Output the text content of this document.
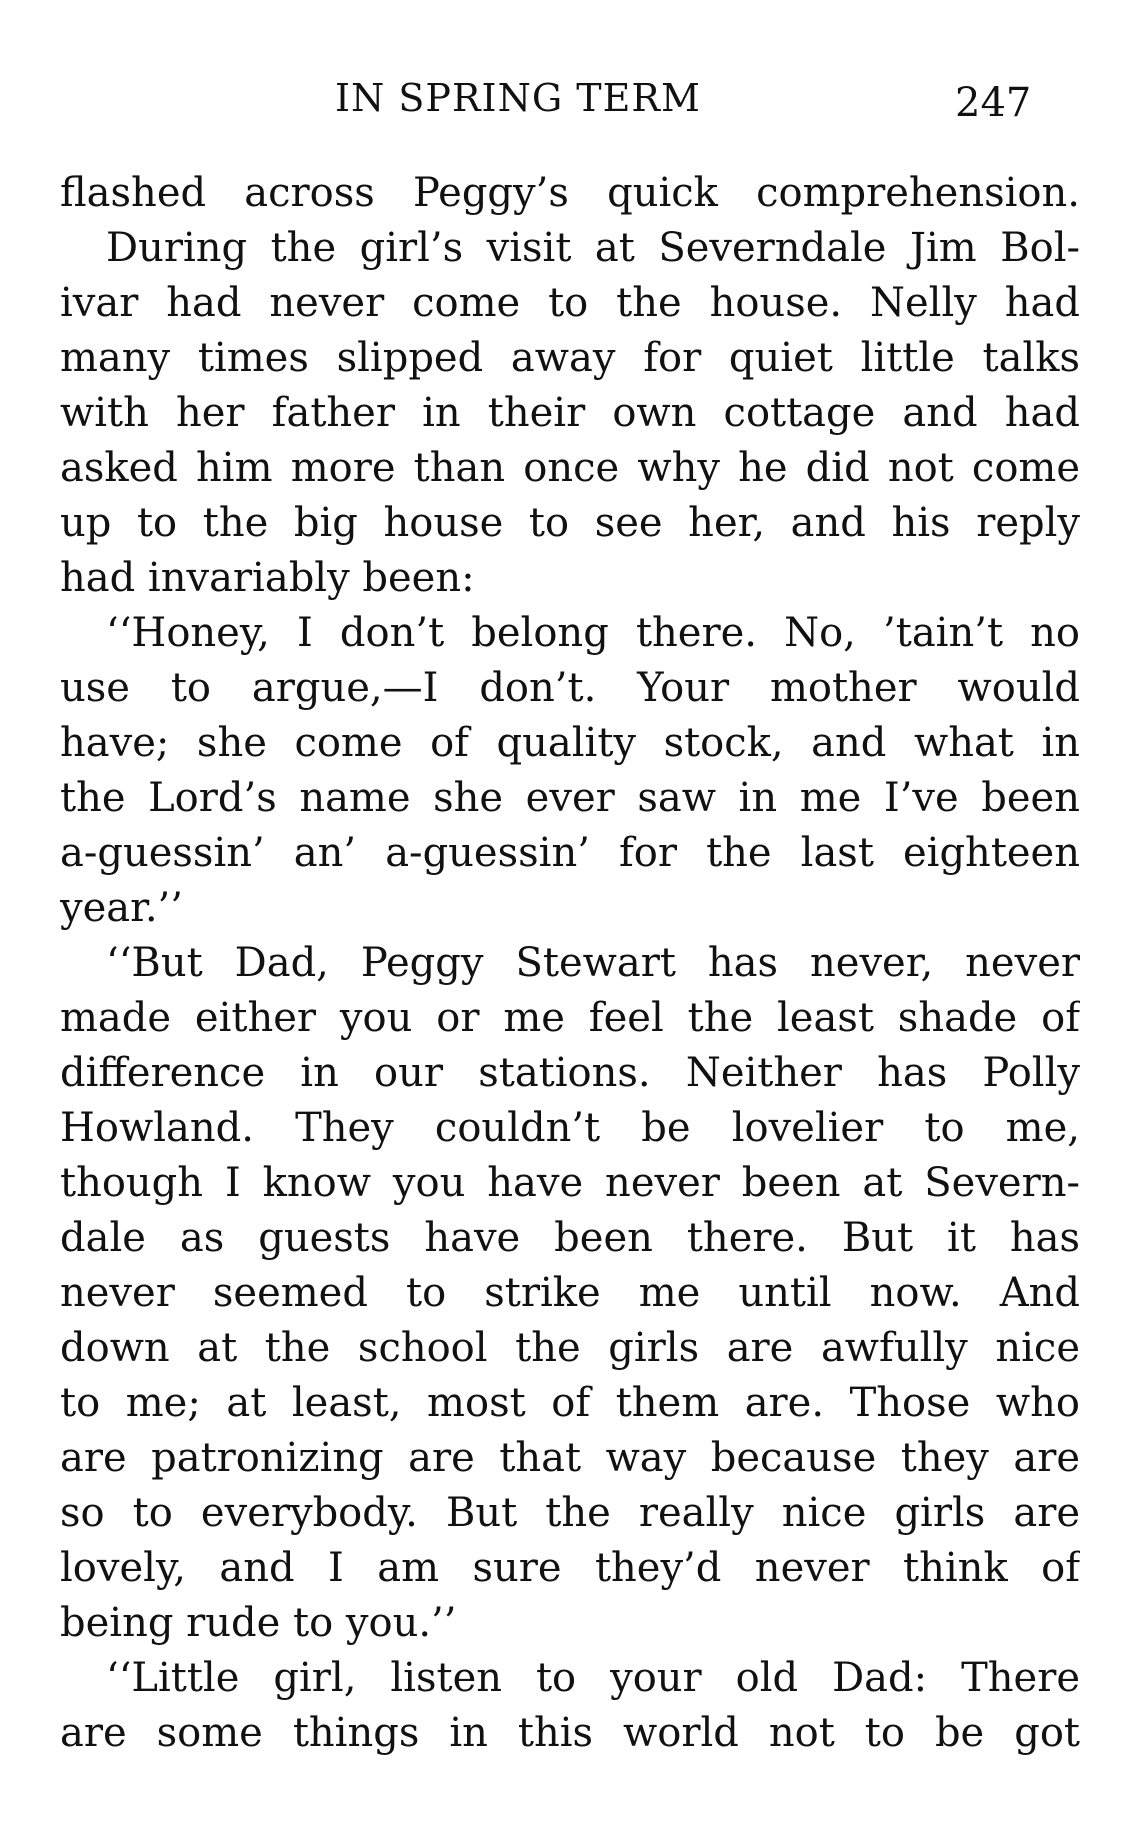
IN SPRING TERM	247
flashed across Peggy’s quick comprehension.
During the girl’s visit at Severndale Jim Bol-
ivar had never come to the house. Nelly had
many times slipped away for quiet little talks
with her father in their own cottage and had
asked him more than once why he did not come
up to the big house to see her, and his reply
had invariably been:
‘‘Honey, I don’t belong there. No, ’tain’t no
use to argue,—I don’t. Your mother would
have; she come of quality stock, and what in
the Lord’s name she ever saw in me I’ve been
a-guessin’ an’ a-guessin’ for the last eighteen
year.’’
‘‘But Dad, Peggy Stewart has never, never
made either you or me feel the least shade of
difference in our stations. Neither has Polly
Howland. They couldn’t be lovelier to me,
though I know you have never been at Severn-
dale as guests have been there. But it has
never seemed to strike me until now. And
down at the school the girls are awfully nice
to me; at least, most of them are. Those who
are patronizing are that way because they are
so to everybody. But the really nice girls are
lovely, and I am sure they’d never think of
being rude to you.’’
‘‘Little girl, listen to your old Dad: There
are some things in this world not to be got
